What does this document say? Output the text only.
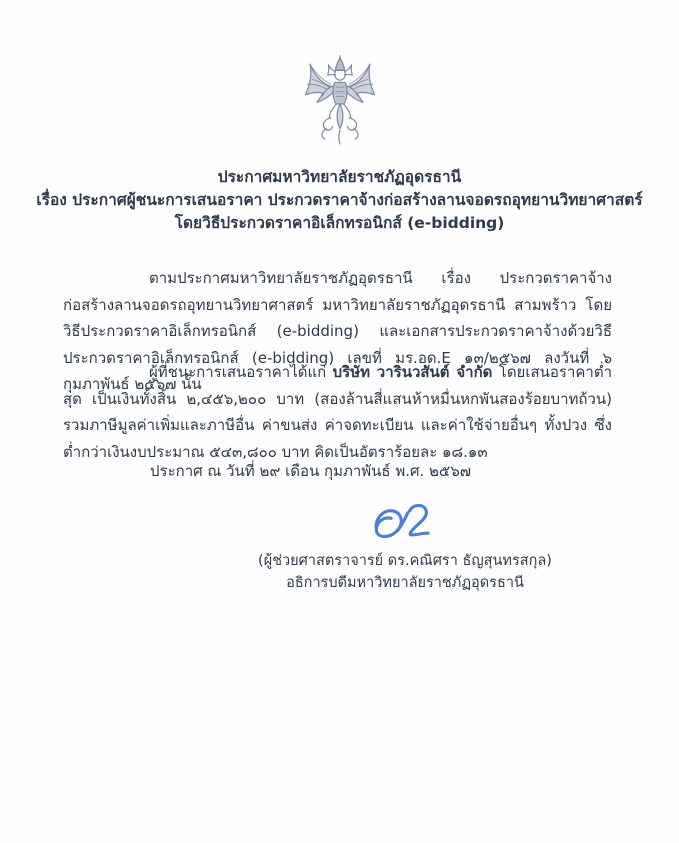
ประกาศมหาวิทยาลัยราชภัฏอุดรธานี
เรื่อง ประกาศผู้ชนะการเสนอราคา ประกวดราคาจ้างก่อสร้างลานจอดรถอุทยานวิทยาศาสตร์
โดยวิธีประกวดราคาอิเล็กทรอนิกส์ (e-bidding)

ตามประกาศมหาวิทยาลัยราชภัฏอุดรธานี เรื่อง ประกวดราคาจ้างก่อสร้างลานจอดรถอุทยานวิทยาศาสตร์ มหาวิทยาลัยราชภัฏอุดรธานี สามพร้าว โดยวิธีประกวดราคาอิเล็กทรอนิกส์ (e-bidding) และเอกสารประกวดราคาจ้างด้วยวิธีประกวดราคาอิเล็กทรอนิกส์ (e-bidding) เลขที่ มร.อด.E ๑๓/๒๕๖๗ ลงวันที่ ๖ กุมภาพันธ์ ๒๕๖๗ นั้น

ผู้ที่ชนะการเสนอราคาได้แก่ บริษัท วารินวสันต์ จำกัด โดยเสนอราคาต่ำสุด เป็นเงินทั้งสิ้น ๒,๔๕๖,๒๐๐ บาท (สองล้านสี่แสนห้าหมื่นหกพันสองร้อยบาทถ้วน) รวมภาษีมูลค่าเพิ่มและภาษีอื่น ค่าขนส่ง ค่าจดทะเบียน และค่าใช้จ่ายอื่นๆ ทั้งปวง ซึ่งต่ำกว่าเงินงบประมาณ ๕๔๓,๘๐๐ บาท คิดเป็นอัตราร้อยละ ๑๘.๑๓

ประกาศ ณ วันที่ ๒๙ เดือน กุมภาพันธ์ พ.ศ. ๒๕๖๗
(ผู้ช่วยศาสตราจารย์ ดร.คณิศรา ธัญสุนทรสกุล)
อธิการบดีมหาวิทยาลัยราชภัฏอุดรธานี
